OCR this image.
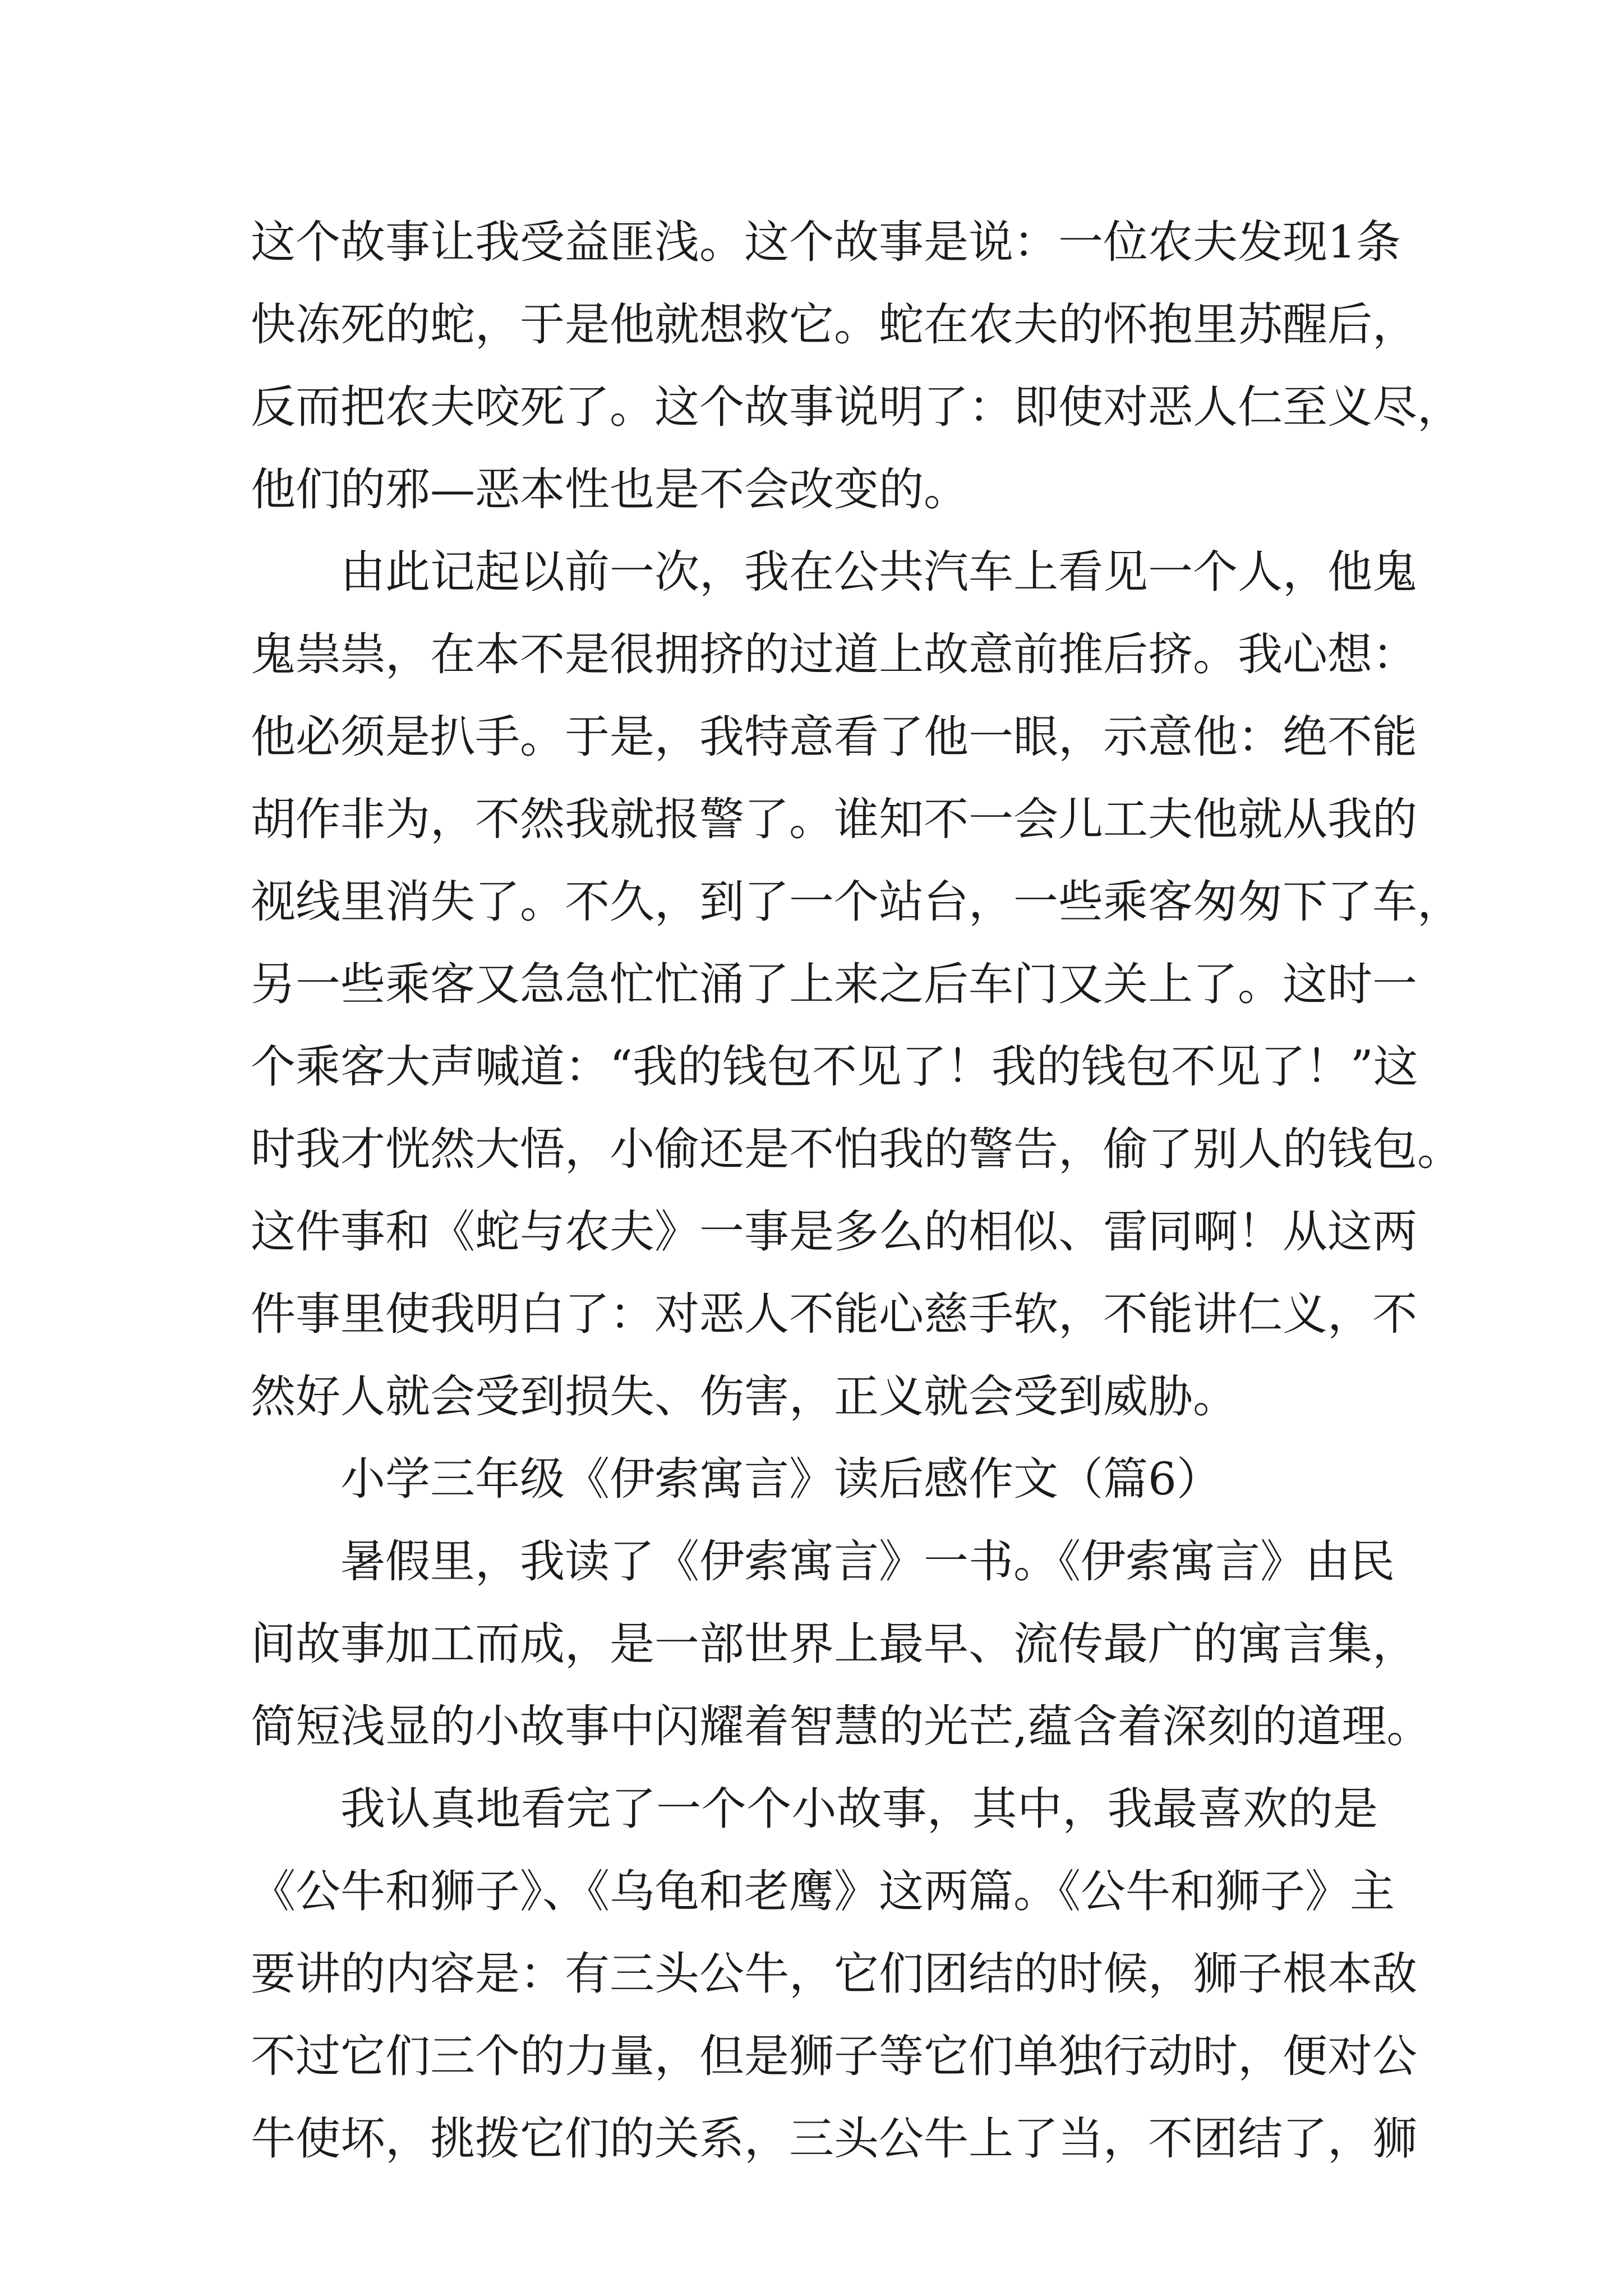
这个故事让我受益匪浅。这个故事是说：一位农夫发现1条
快冻死的蛇，于是他就想救它。蛇在农夫的怀抱里苏醒后，
反而把农夫咬死了。这个故事说明了：即使对恶人仁至义尽，
他们的邪—恶本性也是不会改变的。
由此记起以前一次，我在公共汽车上看见一个人，他鬼
鬼祟祟，在本不是很拥挤的过道上故意前推后挤。我心想：
他必须是扒手。于是，我特意看了他一眼，示意他：绝不能
胡作非为，不然我就报警了。谁知不一会儿工夫他就从我的
视线里消失了。不久，到了一个站台，一些乘客匆匆下了车，
另一些乘客又急急忙忙涌了上来之后车门又关上了。这时一
个乘客大声喊道：“我的钱包不见了！我的钱包不见了！”这
时我才恍然大悟，小偷还是不怕我的警告，偷了别人的钱包。
这件事和《蛇与农夫》一事是多么的相似、雷同啊！从这两
件事里使我明白了：对恶人不能心慈手软，不能讲仁义，不
然好人就会受到损失、伤害，正义就会受到威胁。
小学三年级《伊索寓言》读后感作文（篇6）
暑假里，我读了《伊索寓言》一书。《伊索寓言》由民
间故事加工而成，是一部世界上最早、流传最广的寓言集，
简短浅显的小故事中闪耀着智慧的光芒,蕴含着深刻的道理。
我认真地看完了一个个小故事，其中，我最喜欢的是
《公牛和狮子》、《乌龟和老鹰》这两篇。《公牛和狮子》主
要讲的内容是：有三头公牛，它们团结的时候，狮子根本敌
不过它们三个的力量，但是狮子等它们单独行动时，便对公
牛使坏，挑拨它们的关系，三头公牛上了当，不团结了，狮
